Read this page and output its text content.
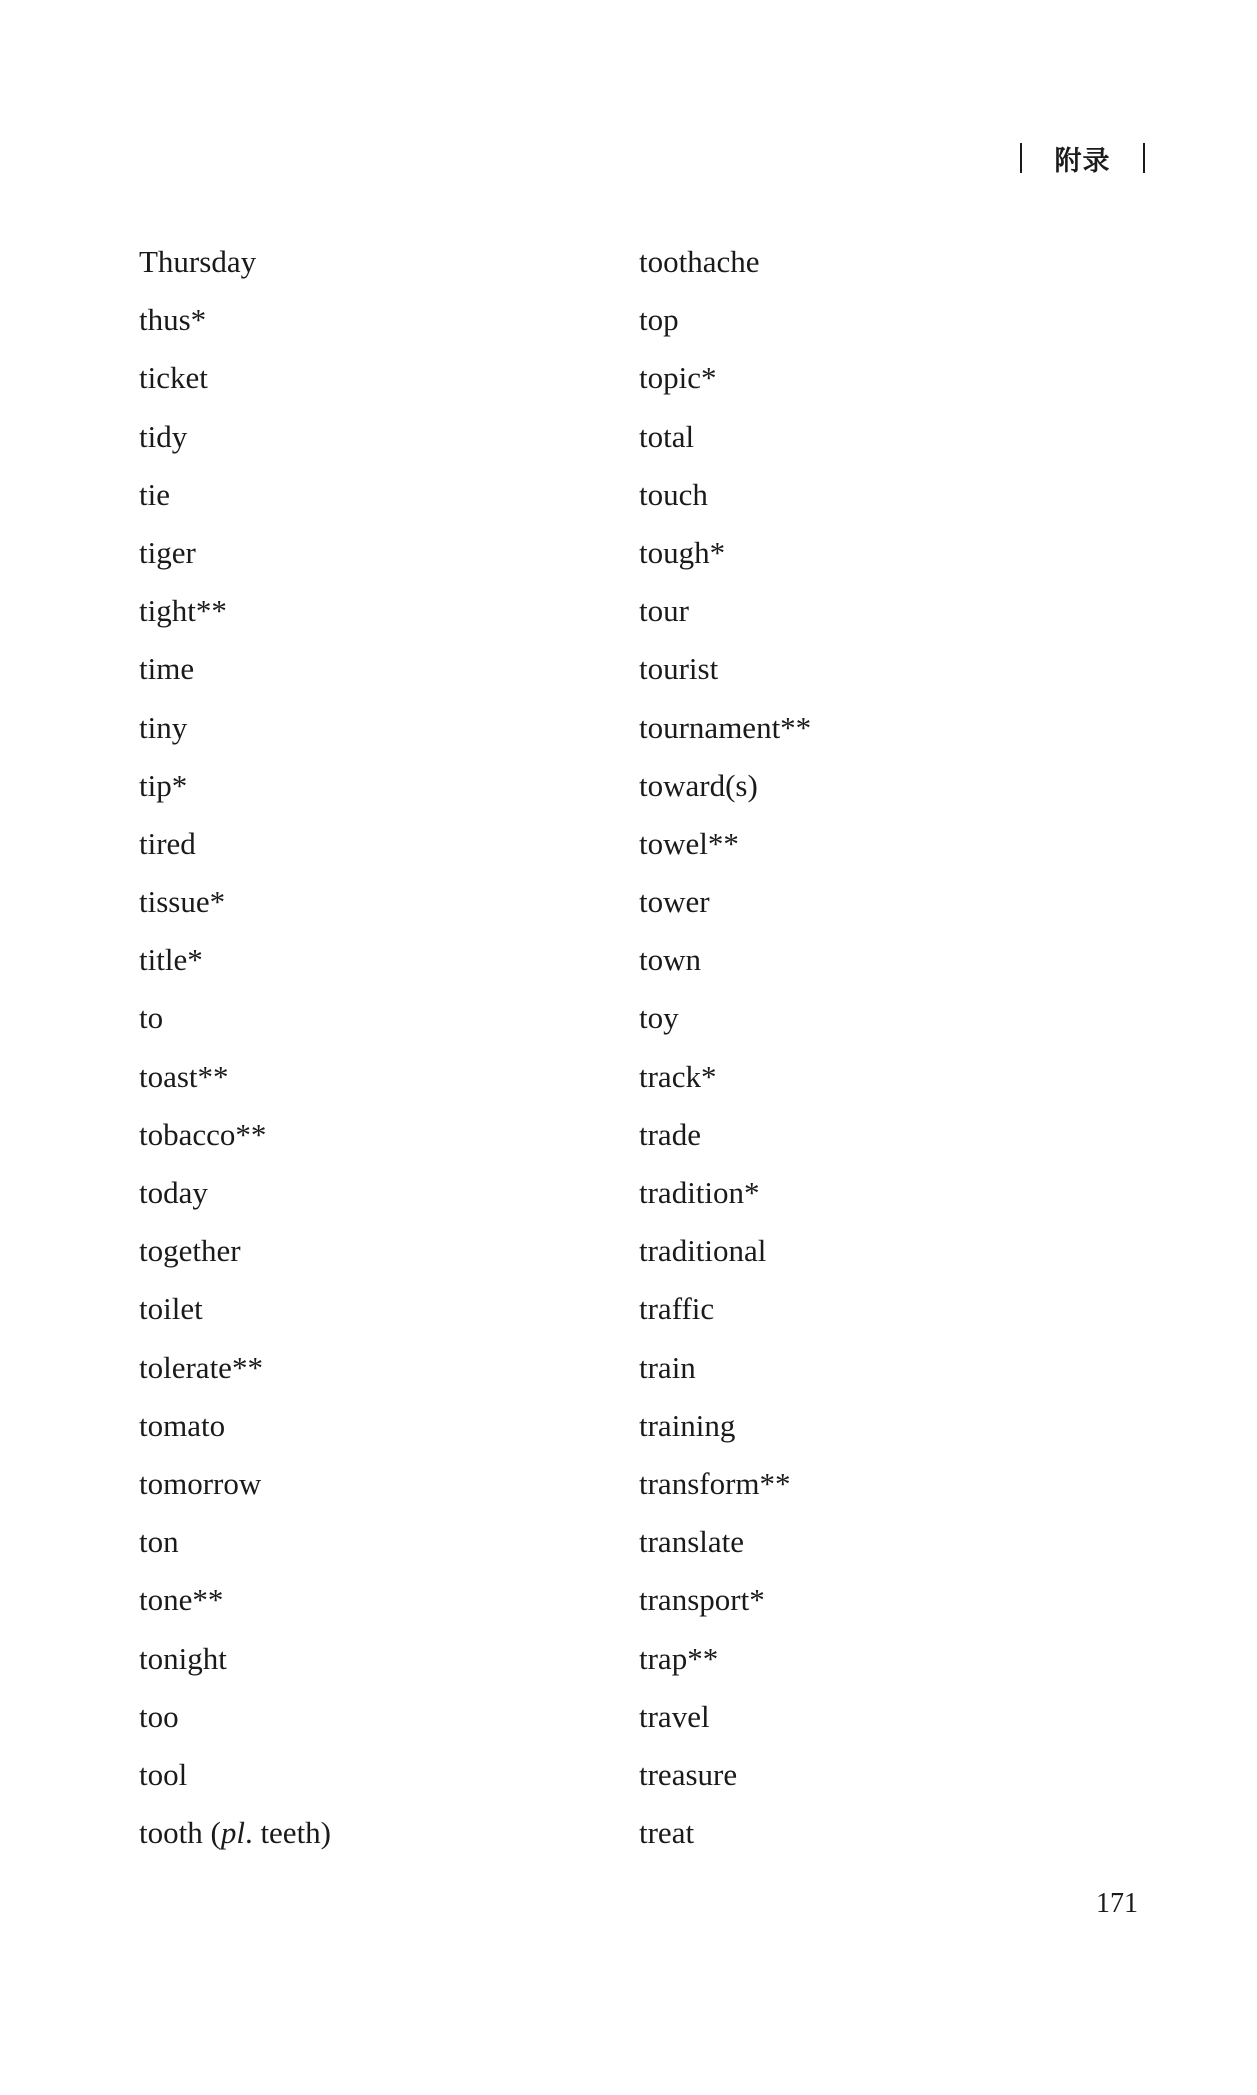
附录
Thursday
thus*
ticket
tidy
tie
tiger
tight**
time
tiny
tip*
tired
tissue*
title*
to
toast**
tobacco**
today
together
toilet
tolerate**
tomato
tomorrow
ton
tone**
tonight
too
tool
tooth (pl. teeth)
toothache
top
topic*
total
touch
tough*
tour
tourist
tournament**
toward(s)
towel**
tower
town
toy
track*
trade
tradition*
traditional
traffic
train
training
transform**
translate
transport*
trap**
travel
treasure
treat
171
